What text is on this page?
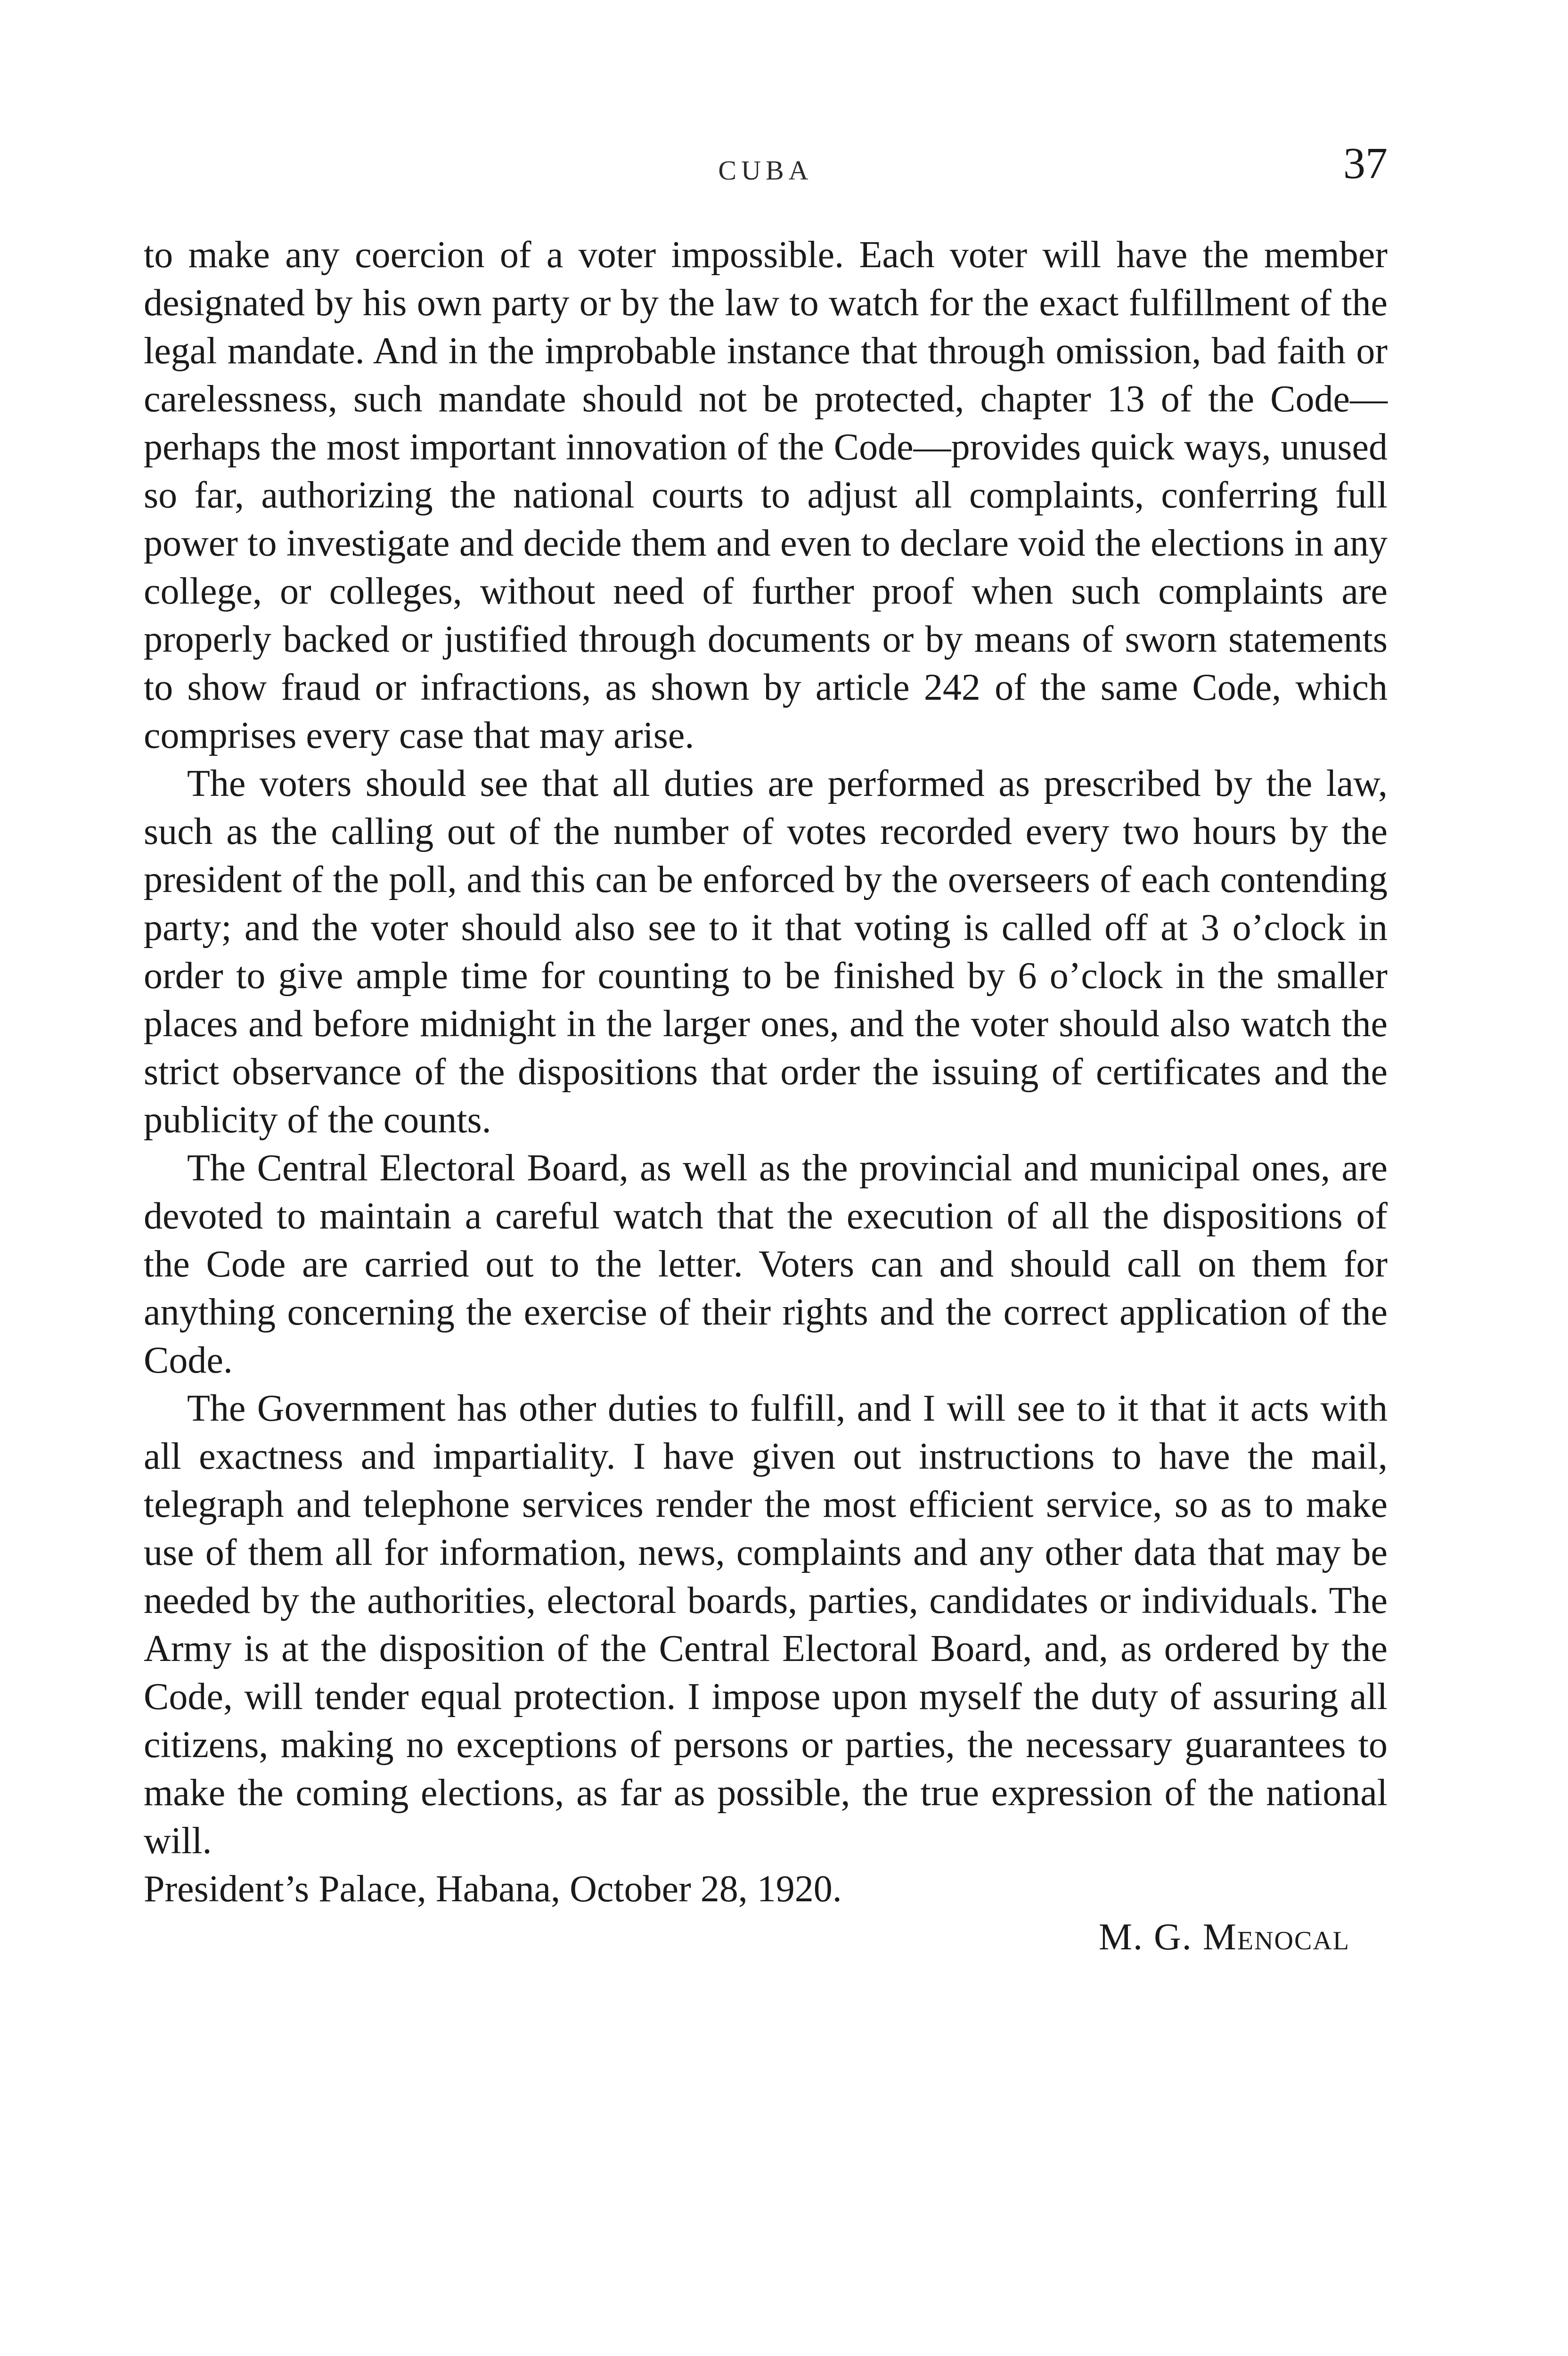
CUBA	37

to make any coercion of a voter impossible. Each voter will have the member designated by his own party or by the law to watch for the exact fulfillment of the legal mandate. And in the improbable instance that through omission, bad faith or carelessness, such mandate should not be protected, chapter 13 of the Code—perhaps the most important innovation of the Code—provides quick ways, unused so far, authorizing the national courts to adjust all complaints, conferring full power to investigate and decide them and even to declare void the elections in any college, or colleges, without need of further proof when such complaints are properly backed or justified through documents or by means of sworn statements to show fraud or infractions, as shown by article 242 of the same Code, which comprises every case that may arise.

The voters should see that all duties are performed as prescribed by the law, such as the calling out of the number of votes recorded every two hours by the president of the poll, and this can be enforced by the overseers of each contending party; and the voter should also see to it that voting is called off at 3 o’clock in order to give ample time for counting to be finished by 6 o’clock in the smaller places and before midnight in the larger ones, and the voter should also watch the strict observance of the dispositions that order the issuing of certificates and the publicity of the counts.

The Central Electoral Board, as well as the provincial and municipal ones, are devoted to maintain a careful watch that the execution of all the dispositions of the Code are carried out to the letter. Voters can and should call on them for anything concerning the exercise of their rights and the correct application of the Code.

The Government has other duties to fulfill, and I will see to it that it acts with all exactness and impartiality. I have given out instructions to have the mail, telegraph and telephone services render the most efficient service, so as to make use of them all for information, news, complaints and any other data that may be needed by the authorities, electoral boards, parties, candidates or individuals. The Army is at the disposition of the Central Electoral Board, and, as ordered by the Code, will tender equal protection. I impose upon myself the duty of assuring all citizens, making no exceptions of persons or parties, the necessary guarantees to make the coming elections, as far as possible, the true expression of the national will.

President’s Palace, Habana, October 28, 1920.

M. G. Menocal
